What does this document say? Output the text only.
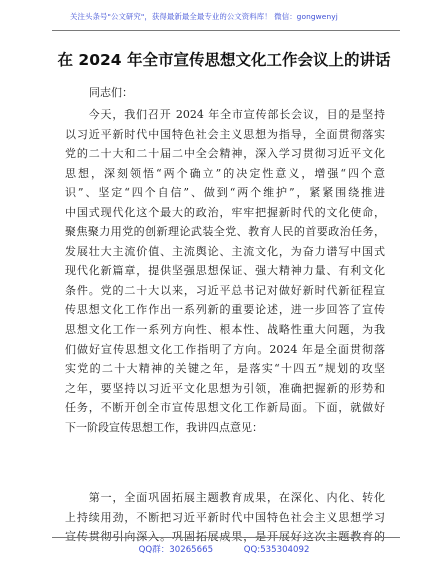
关注头条号"公文研究"，获得最新最全最专业的公文资料库！ 微信：gongwenyj
在 2024 年全市宣传思想文化工作会议上的讲话
同志们：
　　今天，我们召开 2024 年全市宣传部长会议，目的是坚持
以习近平新时代中国特色社会主义思想为指导，全面贯彻落实
党的二十大和二十届二中全会精神，深入学习贯彻习近平文化
思想，深刻领悟“两个确立”的决定性意义，增强“四个意
识”、坚定“四个自信”、做到“两个维护”，紧紧围绕推进
中国式现代化这个最大的政治，牢牢把握新时代的文化使命，
聚焦聚力用党的创新理论武装全党、教育人民的首要政治任务，
发展壮大主流价值、主流舆论、主流文化，为奋力谱写中国式
现代化新篇章，提供坚强思想保证、强大精神力量、有利文化
条件。党的二十大以来，习近平总书记对做好新时代新征程宣
传思想文化工作作出一系列新的重要论述，进一步回答了宣传
思想文化工作一系列方向性、根本性、战略性重大问题，为我
们做好宣传思想文化工作指明了方向。2024 年是全面贯彻落
实党的二十大精神的关键之年，是落实“十四五”规划的攻坚
之年，要坚持以习近平文化思想为引领，准确把握新的形势和
任务，不断开创全市宣传思想文化工作新局面。下面，就做好
下一阶段宣传思想工作，我讲四点意见：
　　第一，全面巩固拓展主题教育成果，在深化、内化、转化
上持续用劲，不断把习近平新时代中国特色社会主义思想学习
宣传贯彻引向深入。巩固拓展成果，是开展好这次主题教育的
QQ群：30265665	QQ:535304092
